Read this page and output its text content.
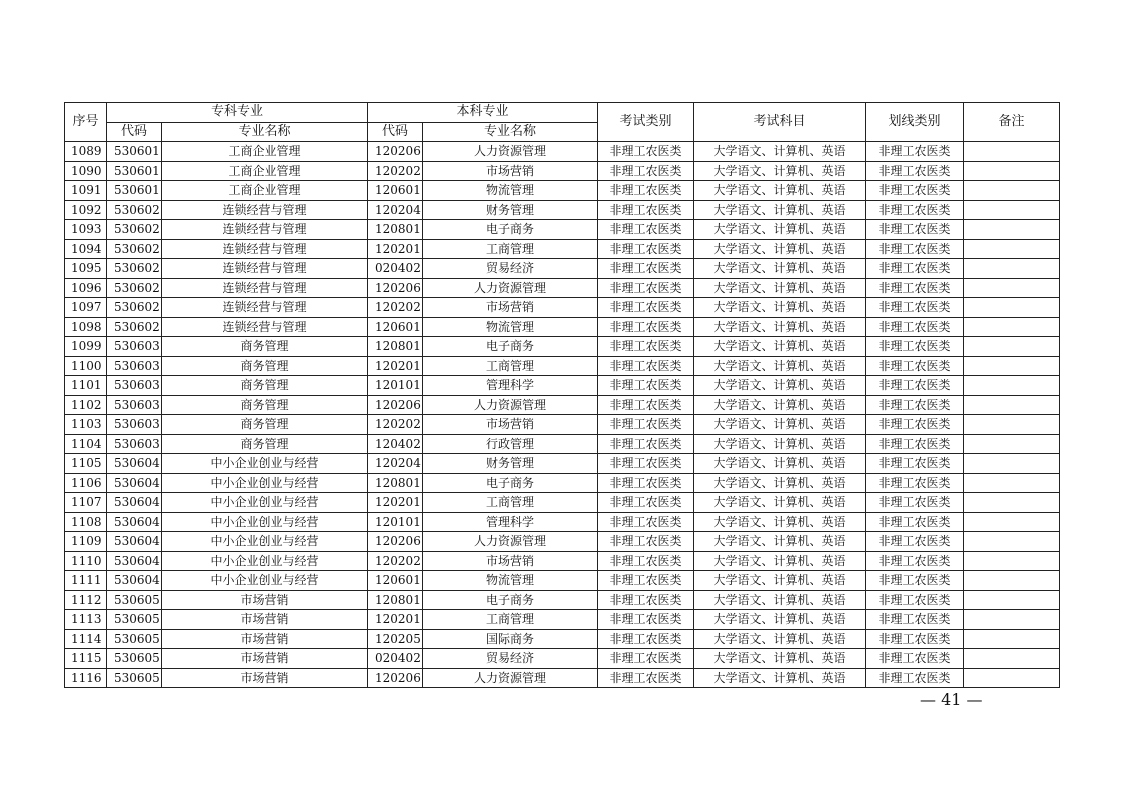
序号	专科专业		本科专业		考试类别	考试科目	划线类别	备注
	代码	专业名称	代码	专业名称				
1089	530601	工商企业管理	120206	人力资源管理	非理工农医类	大学语文、计算机、英语	非理工农医类	
1090	530601	工商企业管理	120202	市场营销	非理工农医类	大学语文、计算机、英语	非理工农医类	
1091	530601	工商企业管理	120601	物流管理	非理工农医类	大学语文、计算机、英语	非理工农医类	
1092	530602	连锁经营与管理	120204	财务管理	非理工农医类	大学语文、计算机、英语	非理工农医类	
1093	530602	连锁经营与管理	120801	电子商务	非理工农医类	大学语文、计算机、英语	非理工农医类	
1094	530602	连锁经营与管理	120201	工商管理	非理工农医类	大学语文、计算机、英语	非理工农医类	
1095	530602	连锁经营与管理	020402	贸易经济	非理工农医类	大学语文、计算机、英语	非理工农医类	
1096	530602	连锁经营与管理	120206	人力资源管理	非理工农医类	大学语文、计算机、英语	非理工农医类	
1097	530602	连锁经营与管理	120202	市场营销	非理工农医类	大学语文、计算机、英语	非理工农医类	
1098	530602	连锁经营与管理	120601	物流管理	非理工农医类	大学语文、计算机、英语	非理工农医类	
1099	530603	商务管理	120801	电子商务	非理工农医类	大学语文、计算机、英语	非理工农医类	
1100	530603	商务管理	120201	工商管理	非理工农医类	大学语文、计算机、英语	非理工农医类	
1101	530603	商务管理	120101	管理科学	非理工农医类	大学语文、计算机、英语	非理工农医类	
1102	530603	商务管理	120206	人力资源管理	非理工农医类	大学语文、计算机、英语	非理工农医类	
1103	530603	商务管理	120202	市场营销	非理工农医类	大学语文、计算机、英语	非理工农医类	
1104	530603	商务管理	120402	行政管理	非理工农医类	大学语文、计算机、英语	非理工农医类	
1105	530604	中小企业创业与经营	120204	财务管理	非理工农医类	大学语文、计算机、英语	非理工农医类	
1106	530604	中小企业创业与经营	120801	电子商务	非理工农医类	大学语文、计算机、英语	非理工农医类	
1107	530604	中小企业创业与经营	120201	工商管理	非理工农医类	大学语文、计算机、英语	非理工农医类	
1108	530604	中小企业创业与经营	120101	管理科学	非理工农医类	大学语文、计算机、英语	非理工农医类	
1109	530604	中小企业创业与经营	120206	人力资源管理	非理工农医类	大学语文、计算机、英语	非理工农医类	
1110	530604	中小企业创业与经营	120202	市场营销	非理工农医类	大学语文、计算机、英语	非理工农医类	
1111	530604	中小企业创业与经营	120601	物流管理	非理工农医类	大学语文、计算机、英语	非理工农医类	
1112	530605	市场营销	120801	电子商务	非理工农医类	大学语文、计算机、英语	非理工农医类	
1113	530605	市场营销	120201	工商管理	非理工农医类	大学语文、计算机、英语	非理工农医类	
1114	530605	市场营销	120205	国际商务	非理工农医类	大学语文、计算机、英语	非理工农医类	
1115	530605	市场营销	020402	贸易经济	非理工农医类	大学语文、计算机、英语	非理工农医类	
1116	530605	市场营销	120206	人力资源管理	非理工农医类	大学语文、计算机、英语	非理工农医类	
— 41 —
